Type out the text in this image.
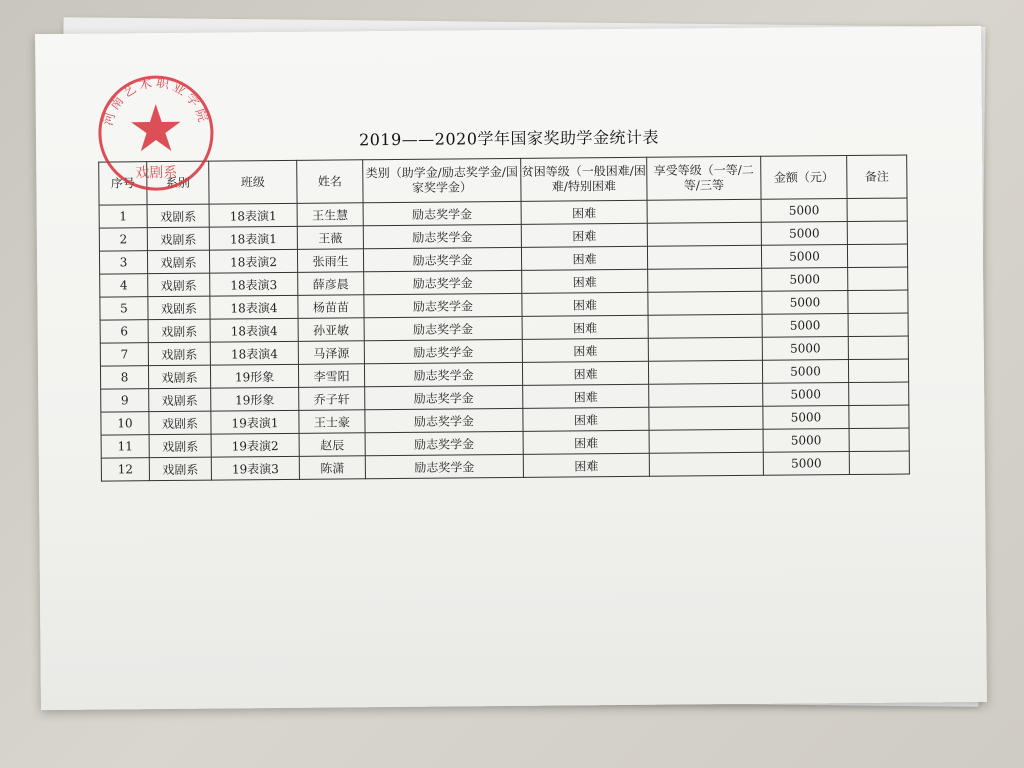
2019——2020学年国家奖助学金统计表
序号	系别	班级	姓名	类别（助学金/励志奖学金/国家奖学金）	贫困等级（一般困难/困难/特别困难	享受等级（一等/二等/三等	金额（元）	备注
1	戏剧系	18表演1	王生慧	励志奖学金	困难		5000	
2	戏剧系	18表演1	王薇	励志奖学金	困难		5000	
3	戏剧系	18表演2	张雨生	励志奖学金	困难		5000	
4	戏剧系	18表演3	薛彦晨	励志奖学金	困难		5000	
5	戏剧系	18表演4	杨苗苗	励志奖学金	困难		5000	
6	戏剧系	18表演4	孙亚敏	励志奖学金	困难		5000	
7	戏剧系	18表演4	马泽源	励志奖学金	困难		5000	
8	戏剧系	19形象	李雪阳	励志奖学金	困难		5000	
9	戏剧系	19形象	乔子轩	励志奖学金	困难		5000	
10	戏剧系	19表演1	王士豪	励志奖学金	困难		5000	
11	戏剧系	19表演2	赵辰	励志奖学金	困难		5000	
12	戏剧系	19表演3	陈潇	励志奖学金	困难		5000	
河南艺术职业学院
戏剧系
